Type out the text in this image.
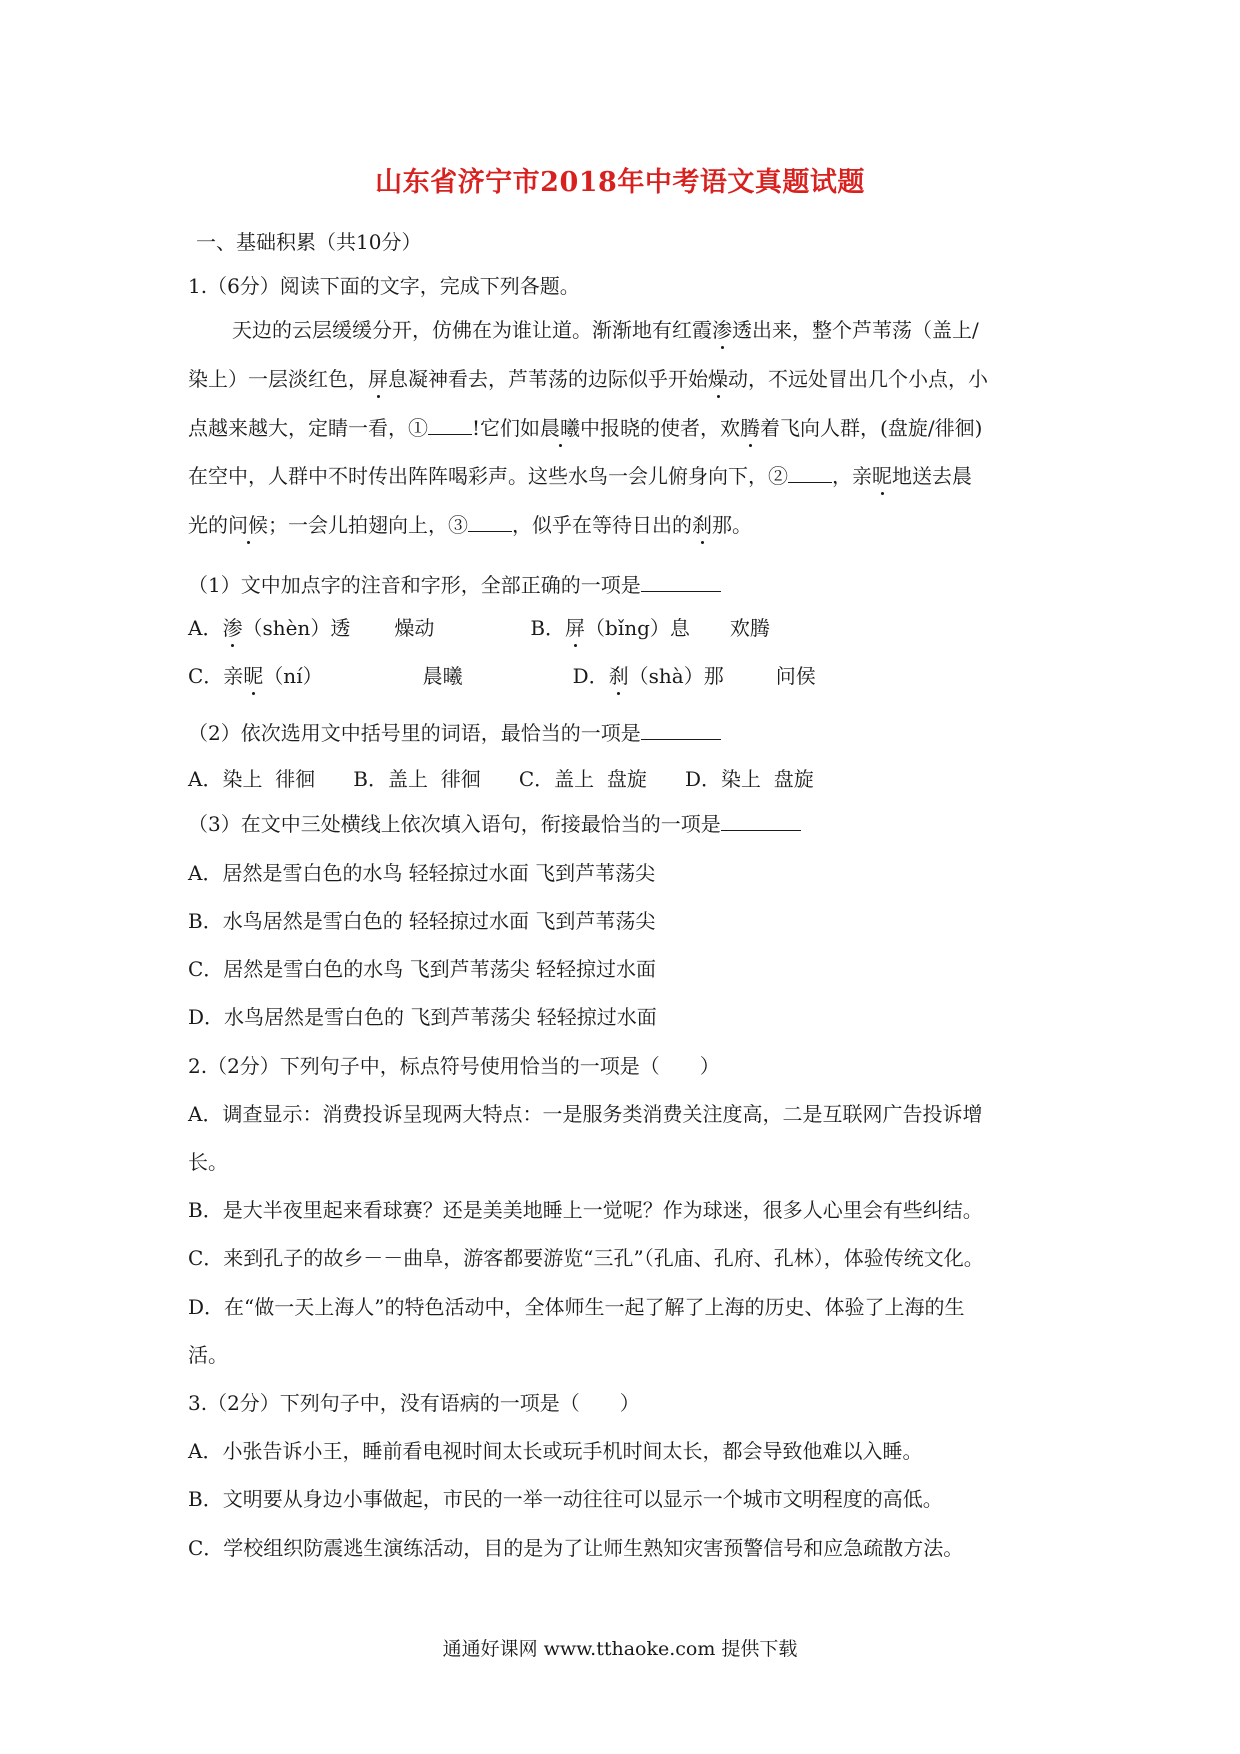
山东省济宁市2018年中考语文真题试题
一、基础积累（共10分）
1.（6分）阅读下面的文字，完成下列各题。
天边的云层缓缓分开，仿佛在为谁让道。渐渐地有红霞渗透出来，整个芦苇荡（盖上/
染上）一层淡红色，屏息凝神看去，芦苇荡的边际似乎开始燥动，不远处冒出几个小点，小
点越来越大，定睛一看，① !它们如晨曦中报晓的使者，欢腾着飞向人群，(盘旋/徘徊)
在空中，人群中不时传出阵阵喝彩声。这些水鸟一会儿俯身向下，② ，亲昵地送去晨
光的问候；一会儿拍翅向上，③ ，似乎在等待日出的刹那。
（1）文中加点字的注音和字形，全部正确的一项是
A．渗（shèn）透 燥动	B．屏（bǐng）息 欢腾
C．亲昵（ní）	晨曦	D．刹（shà）那	问侯
（2）依次选用文中括号里的词语，最恰当的一项是
A．染上  徘徊      B．盖上  徘徊      C．盖上  盘旋      D．染上  盘旋
（3）在文中三处横线上依次填入语句，衔接最恰当的一项是
A．居然是雪白色的水鸟 轻轻掠过水面 飞到芦苇荡尖
B．水鸟居然是雪白色的 轻轻掠过水面 飞到芦苇荡尖
C．居然是雪白色的水鸟 飞到芦苇荡尖 轻轻掠过水面
D．水鸟居然是雪白色的 飞到芦苇荡尖 轻轻掠过水面
2.（2分）下列句子中，标点符号使用恰当的一项是（　　）
A．调查显示：消费投诉呈现两大特点：一是服务类消费关注度高，二是互联网广告投诉增
长。
B．是大半夜里起来看球赛？还是美美地睡上一觉呢？作为球迷，很多人心里会有些纠结。
C．来到孔子的故乡－－曲阜，游客都要游览“三孔”（孔庙、孔府、孔林），体验传统文化。
D．在“做一天上海人”的特色活动中，全体师生一起了解了上海的历史、体验了上海的生
活。
3.（2分）下列句子中，没有语病的一项是（　　）
A．小张告诉小王，睡前看电视时间太长或玩手机时间太长，都会导致他难以入睡。
B．文明要从身边小事做起，市民的一举一动往往可以显示一个城市文明程度的高低。
C．学校组织防震逃生演练活动，目的是为了让师生熟知灾害预警信号和应急疏散方法。
通通好课网 www.tthaoke.com 提供下载
